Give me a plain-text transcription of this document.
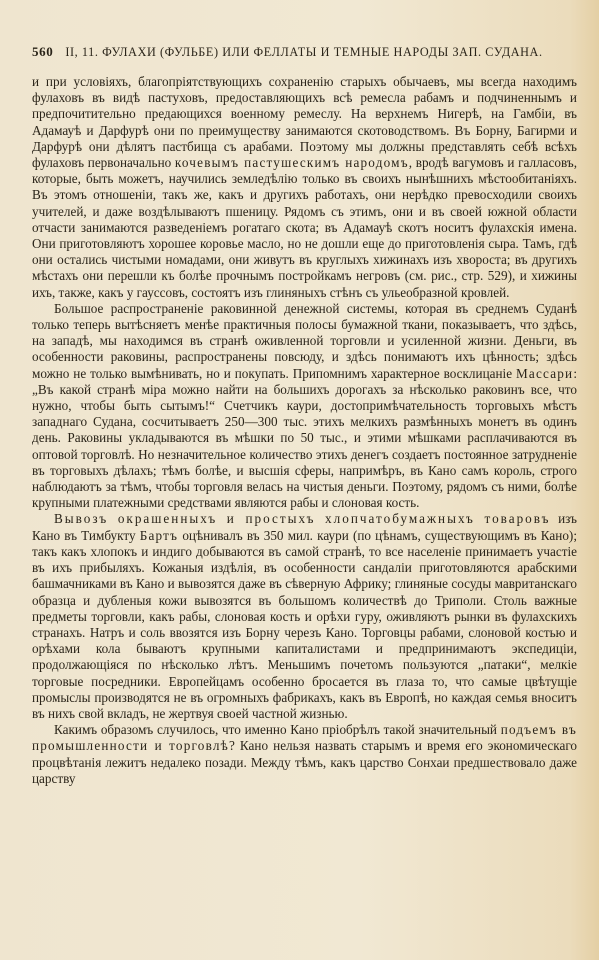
560 II, 11. ФУЛАХИ (ФУЛЬБЕ) ИЛИ ФЕЛЛАТЫ И ТЕМНЫЕ НАРОДЫ ЗАП. СУДАНА.

и при условіяхъ, благопріятствующихъ сохраненію старыхъ обычаевъ, мы всегда находимъ фулаховъ въ видѣ пастуховъ, предоставляющихъ всѣ ремесла рабамъ и подчиненнымъ и предпочитительно предающихся военному ремеслу. На верхнемъ Нигерѣ, на Гамбіи, въ Адамауѣ и Дарфурѣ они по преимуществу занимаются скотоводствомъ. Въ Борну, Багирми и Дарфурѣ они дѣлятъ пастбища съ арабами. Поэтому мы должны представлять себѣ всѣхъ фулаховъ первоначально кочевымъ пастушескимъ народомъ, вродѣ вагумовъ и галласовъ, которые, быть можетъ, научились земледѣлію только въ своихъ нынѣшнихъ мѣстообитаніяхъ. Въ этомъ отношеніи, такъ же, какъ и другихъ работахъ, они нерѣдко превосходили своихъ учителей, и даже воздѣлываютъ пшеницу. Рядомъ съ этимъ, они и въ своей южной области отчасти занимаются разведеніемъ рогатаго скота; въ Адамауѣ скотъ носитъ фулахскія имена. Они приготовляютъ хорошее коровье масло, но не дошли еще до приготовленія сыра. Тамъ, гдѣ они остались чистыми номадами, они живутъ въ круглыхъ хижинахъ изъ хвороста; въ другихъ мѣстахъ они перешли къ болѣе прочнымъ постройкамъ негровъ (см. рис., стр. 529), и хижины ихъ, также, какъ у гауссовъ, состоятъ изъ глиняныхъ стѣнъ съ ульеобразной кровлей.

Большое распространеніе раковинной денежной системы, которая въ среднемъ Суданѣ только теперь вытѣсняетъ менѣе практичныя полосы бумажной ткани, показываетъ, что здѣсь, на западѣ, мы находимся въ странѣ оживленной торговли и усиленной жизни. Деньги, въ особенности раковины, распространены повсюду, и здѣсь понимаютъ ихъ цѣнность; здѣсь можно не только вымѣнивать, но и покупать. Припомнимъ характерное восклицаніе Массари: „Въ какой странѣ міра можно найти на большихъ дорогахъ за нѣсколько раковинъ все, что нужно, чтобы быть сытымъ!“ Счетчикъ каури, достопримѣчательность торговыхъ мѣстъ западнаго Судана, сосчитываетъ 250—300 тыс. этихъ мелкихъ размѣнныхъ монетъ въ одинъ день. Раковины укладываются въ мѣшки по 50 тыс., и этими мѣшками расплачиваются въ оптовой торговлѣ. Но незначительное количество этихъ денегъ создаетъ постоянное затрудненіе въ торговыхъ дѣлахъ; тѣмъ болѣе, и высшія сферы, напримѣръ, въ Кано самъ король, строго наблюдаютъ за тѣмъ, чтобы торговля велась на чистыя деньги. Поэтому, рядомъ съ ними, болѣе крупными платежными средствами являются рабы и слоновая кость.

Вывозъ окрашенныхъ и простыхъ хлопчатобумажныхъ товаровъ изъ Кано въ Тимбукту Бартъ оцѣнивалъ въ 350 мил. каури (по цѣнамъ, существующимъ въ Кано); такъ какъ хлопокъ и индиго добываются въ самой странѣ, то все населеніе принимаетъ участіе въ ихъ прибыляхъ. Кожаныя издѣлія, въ особенности сандаліи приготовляются арабскими башмачниками въ Кано и вывозятся даже въ сѣверную Африку; глиняные сосуды мавританскаго образца и дубленыя кожи вывозятся въ большомъ количествѣ до Триполи. Столь важные предметы торговли, какъ рабы, слоновая кость и орѣхи гуру, оживляютъ рынки въ фулахскихъ странахъ. Натръ и соль ввозятся изъ Борну черезъ Кано. Торговцы рабами, слоновой костью и орѣхами кола бываютъ крупными капиталистами и предпринимаютъ экспедиціи, продолжающіяся по нѣсколько лѣтъ. Меньшимъ почетомъ пользуются „патаки“, мелкіе торговые посредники. Европейцамъ особенно бросается въ глаза то, что самые цвѣтущіе промыслы производятся не въ огромныхъ фабрикахъ, какъ въ Европѣ, но каждая семья вноситъ въ нихъ свой вкладъ, не жертвуя своей частной жизнью.

Какимъ образомъ случилось, что именно Кано пріобрѣлъ такой значительный подъемъ въ промышленности и торговлѣ? Кано нельзя назвать старымъ и время его экономическаго процвѣтанія лежитъ недалеко позади. Между тѣмъ, какъ царство Сонхаи предшествовало даже царству
